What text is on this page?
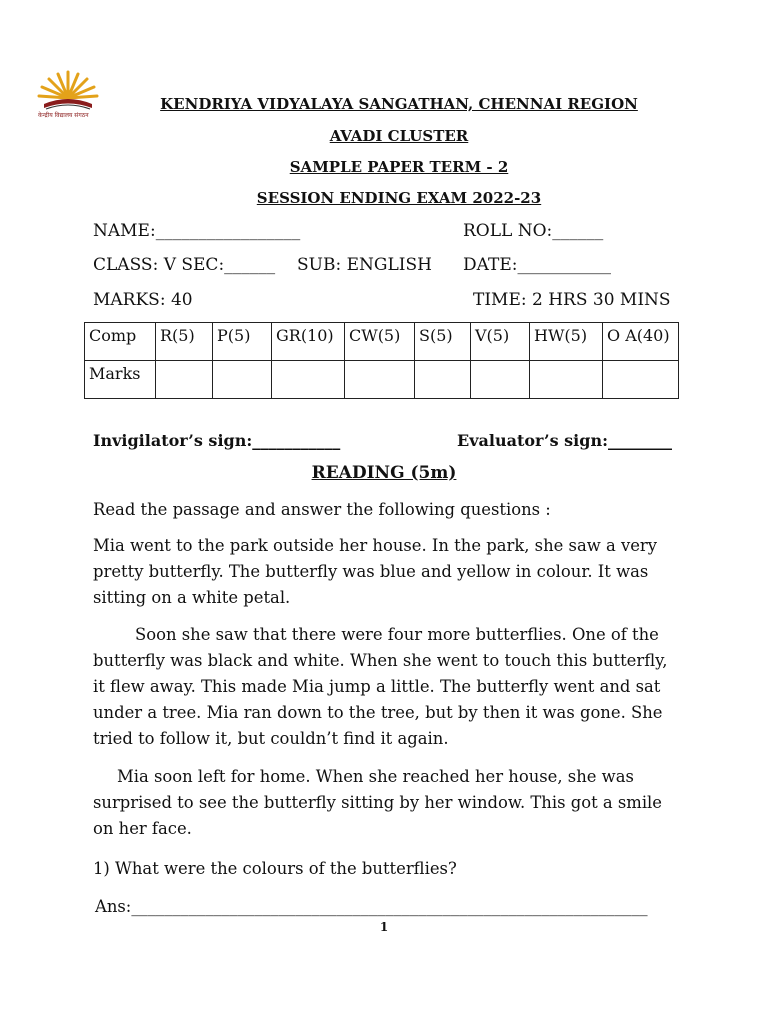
केन्द्रीय विद्यालय संगठन
KENDRIYA VIDYALAYA SANGATHAN, CHENNAI REGION
AVADI CLUSTER
SAMPLE PAPER TERM - 2
SESSION ENDING EXAM 2022-23
NAME:_________________	ROLL NO:______
CLASS: V SEC:______ SUB: ENGLISH DATE:___________
MARKS: 40	TIME: 2 HRS 30 MINS
Comp	R(5)	P(5)	GR(10)	CW(5)	S(5)	V(5)	HW(5)	O A(40)
Marks								
Invigilator’s sign:___________	Evaluator’s sign:________
READING (5m)
Read the passage and answer the following questions :
Mia went to the park outside her house. In the park, she saw a very pretty butterfly. The butterfly was blue and yellow in colour. It was sitting on a white petal.
Soon she saw that there were four more butterflies. One of the butterfly was black and white. When she went to touch this butterfly, it flew away. This made Mia jump a little. The butterfly went and sat under a tree. Mia ran down to the tree, but by then it was gone. She tried to follow it, but couldn’t find it again.
Mia soon left for home. When she reached her house, she was surprised to see the butterfly sitting by her window. This got a smile on her face.
1) What were the colours of the butterflies?
Ans:_______________________________________________________________
1
